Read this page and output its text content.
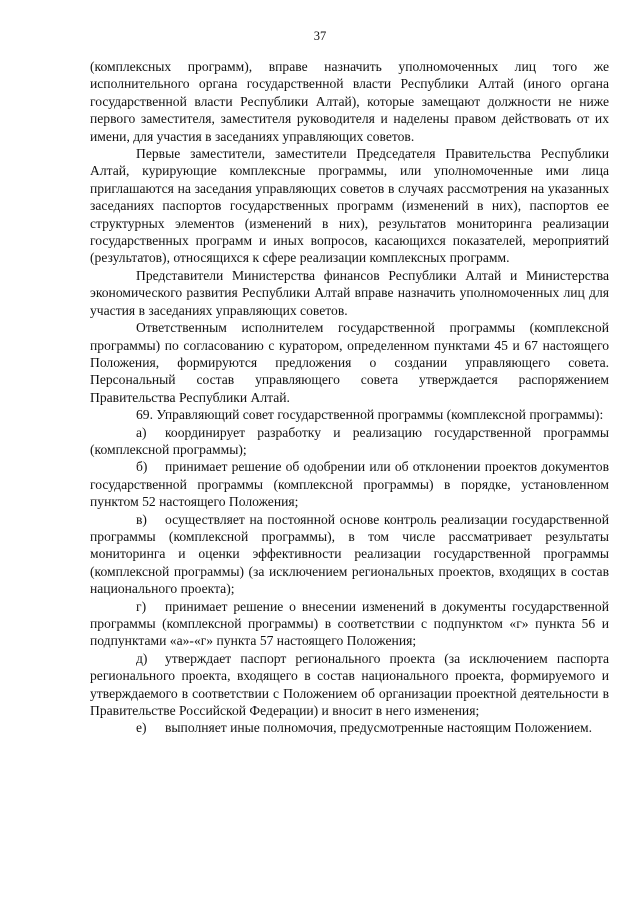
37

(комплексных программ), вправе назначить уполномоченных лиц того же исполнительного органа государственной власти Республики Алтай (иного органа государственной власти Республики Алтай), которые замещают должности не ниже первого заместителя, заместителя руководителя и наделены правом действовать от их имени, для участия в заседаниях управляющих советов.

Первые заместители, заместители Председателя Правительства Республики Алтай, курирующие комплексные программы, или уполномоченные ими лица приглашаются на заседания управляющих советов в случаях рассмотрения на указанных заседаниях паспортов государственных программ (изменений в них), паспортов ее структурных элементов (изменений в них), результатов мониторинга реализации государственных программ и иных вопросов, касающихся показателей, мероприятий (результатов), относящихся к сфере реализации комплексных программ.

Представители Министерства финансов Республики Алтай и Министерства экономического развития Республики Алтай вправе назначить уполномоченных лиц для участия в заседаниях управляющих советов.

Ответственным исполнителем государственной программы (комплексной программы) по согласованию с куратором, определенном пунктами 45 и 67 настоящего Положения, формируются предложения о создании управляющего совета. Персональный состав управляющего совета утверждается распоряжением Правительства Республики Алтай.

69. Управляющий совет государственной программы (комплексной программы):

а) координирует разработку и реализацию государственной программы (комплексной программы);

б) принимает решение об одобрении или об отклонении проектов документов государственной программы (комплексной программы) в порядке, установленном пунктом 52 настоящего Положения;

в) осуществляет на постоянной основе контроль реализации государственной программы (комплексной программы), в том числе рассматривает результаты мониторинга и оценки эффективности реализации государственной программы (комплексной программы) (за исключением региональных проектов, входящих в состав национального проекта);

г) принимает решение о внесении изменений в документы государственной программы (комплексной программы) в соответствии с подпунктом «г» пункта 56 и подпунктами «а»-«г» пункта 57 настоящего Положения;

д) утверждает паспорт регионального проекта (за исключением паспорта регионального проекта, входящего в состав национального проекта, формируемого и утверждаемого в соответствии с Положением об организации проектной деятельности в Правительстве Российской Федерации) и вносит в него изменения;

е) выполняет иные полномочия, предусмотренные настоящим Положением.
